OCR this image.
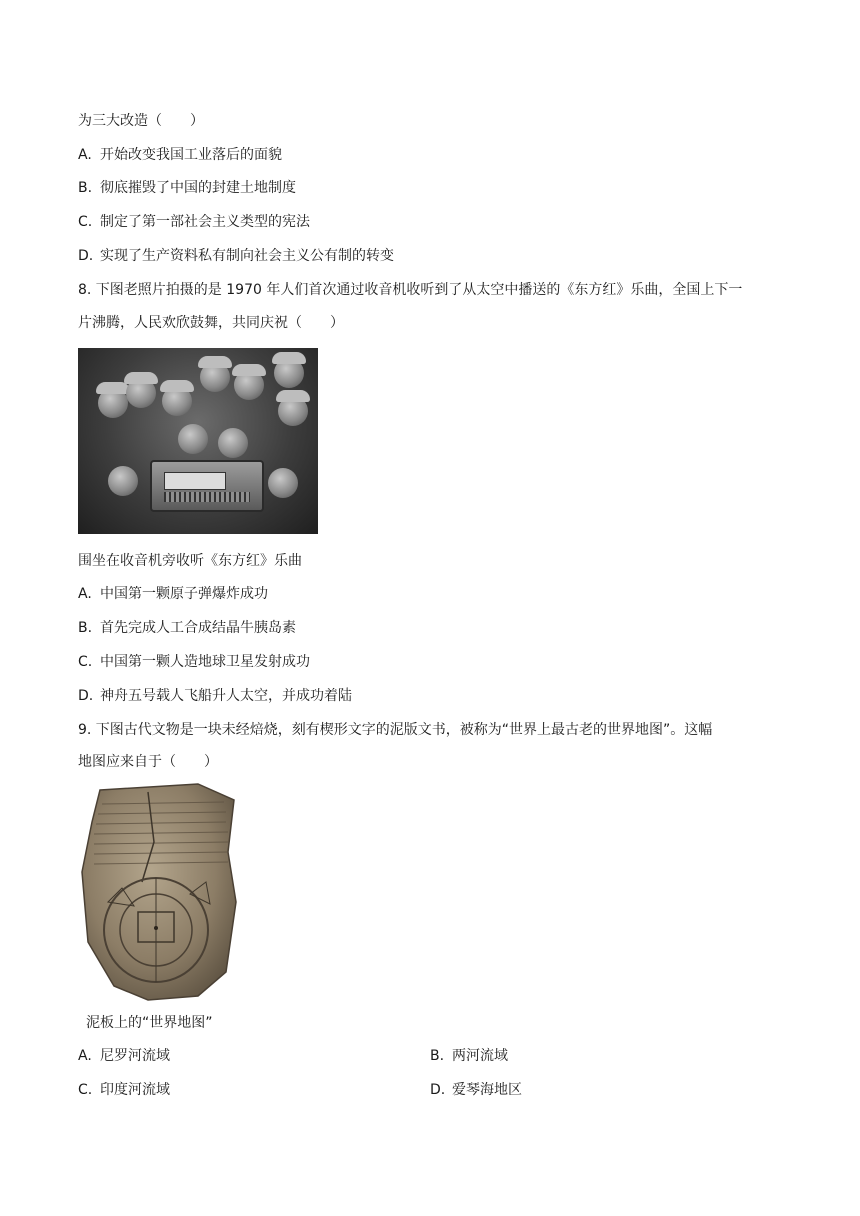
为三大改造（　　）
A. 开始改变我国工业落后的面貌
B. 彻底摧毁了中国的封建土地制度
C. 制定了第一部社会主义类型的宪法
D. 实现了生产资料私有制向社会主义公有制的转变
8. 下图老照片拍摄的是 1970 年人们首次通过收音机收听到了从太空中播送的《东方红》乐曲，全国上下一
片沸腾，人民欢欣鼓舞，共同庆祝（　　）
围坐在收音机旁收听《东方红》乐曲
A. 中国第一颗原子弹爆炸成功
B. 首先完成人工合成结晶牛胰岛素
C. 中国第一颗人造地球卫星发射成功
D. 神舟五号载人飞船升人太空，并成功着陆
9. 下图古代文物是一块未经焙烧，刻有楔形文字的泥版文书，被称为“世界上最古老的世界地图”。这幅
地图应来自于（　　）
泥板上的“世界地图”
A. 尼罗河流域	B. 两河流域
C. 印度河流域	D. 爱琴海地区
